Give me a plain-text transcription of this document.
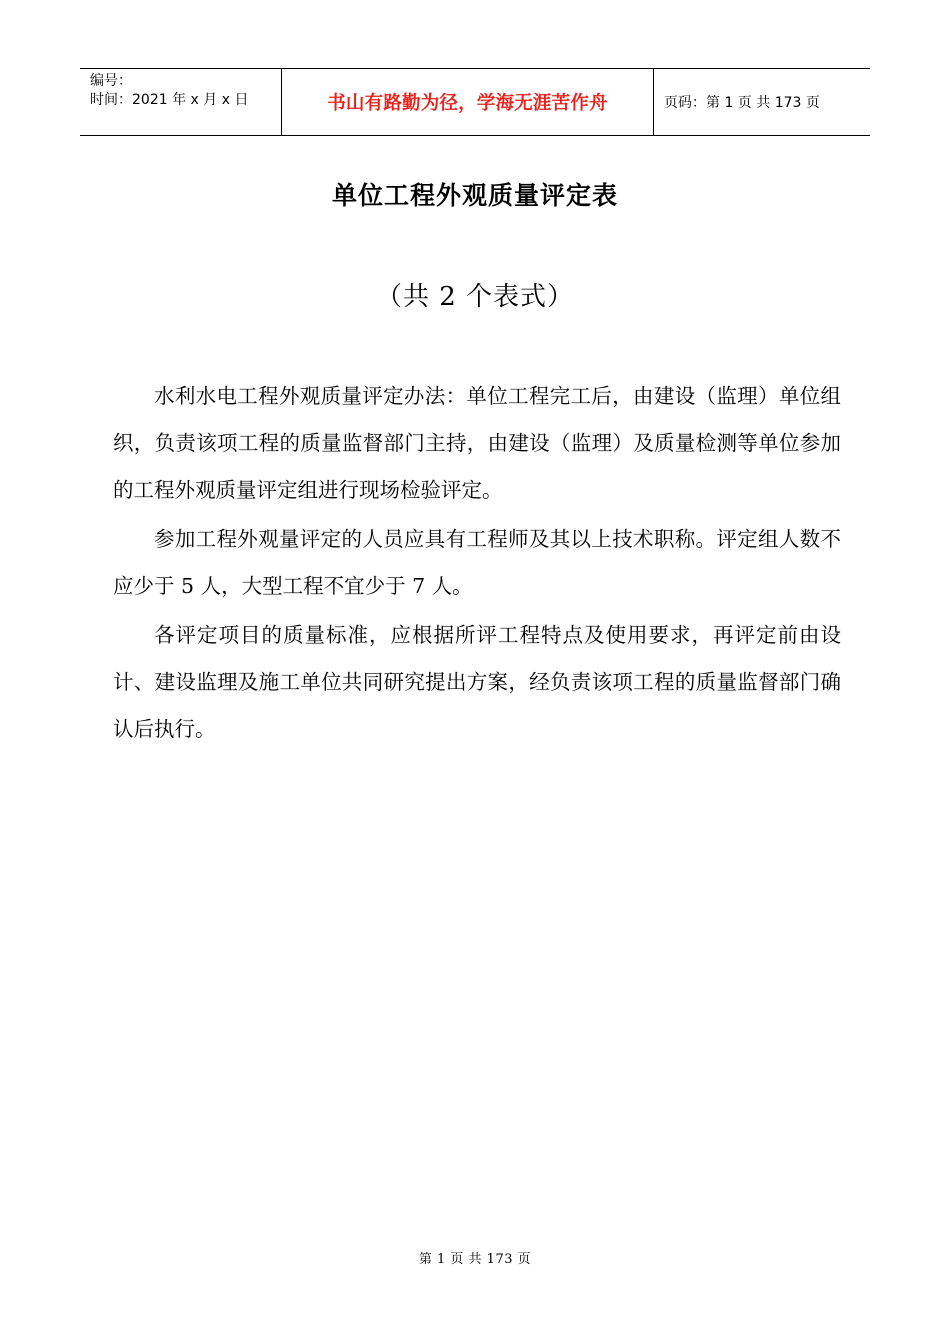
编号：
时间：2021 年 x 月 x 日	书山有路勤为径，学海无涯苦作舟	页码：第 1 页 共 173 页
单位工程外观质量评定表
（共 2 个表式）

水利水电工程外观质量评定办法：单位工程完工后，由建设（监理）单位组织，负责该项工程的质量监督部门主持，由建设（监理）及质量检测等单位参加的工程外观质量评定组进行现场检验评定。

参加工程外观量评定的人员应具有工程师及其以上技术职称。评定组人数不应少于 5 人，大型工程不宜少于 7 人。

各评定项目的质量标准，应根据所评工程特点及使用要求，再评定前由设计、建设监理及施工单位共同研究提出方案，经负责该项工程的质量监督部门确认后执行。

第 1 页 共 173 页
